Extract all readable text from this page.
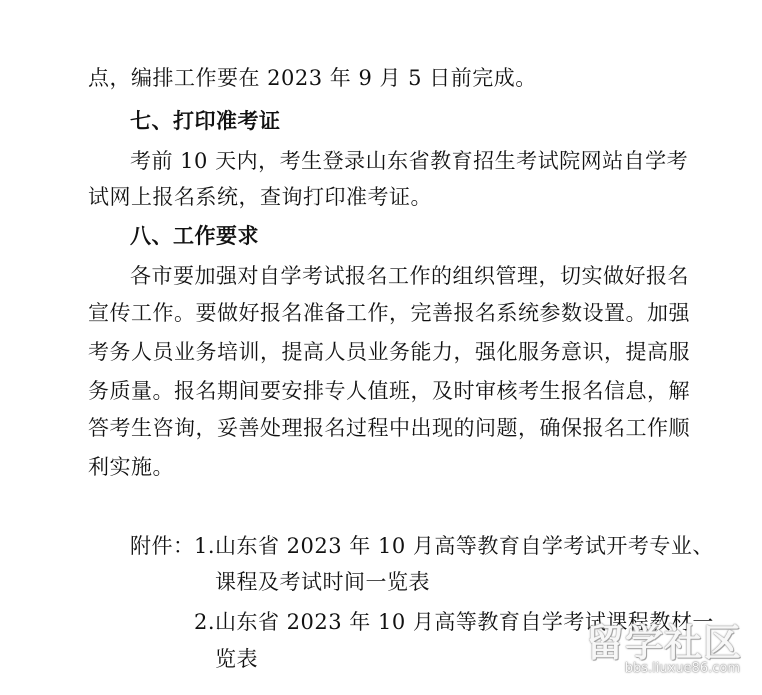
点，编排工作要在 2023 年 9 月 5 日前完成。
七、打印准考证
考前 10 天内，考生登录山东省教育招生考试院网站自学考
试网上报名系统，查询打印准考证。
八、工作要求
各市要加强对自学考试报名工作的组织管理，切实做好报名
宣传工作。要做好报名准备工作，完善报名系统参数设置。加强
考务人员业务培训，提高人员业务能力，强化服务意识，提高服
务质量。报名期间要安排专人值班，及时审核考生报名信息，解
答考生咨询，妥善处理报名过程中出现的问题，确保报名工作顺
利实施。
附件： 1. 山东省 2023 年 10 月高等教育自学考试开考专业、
课程及考试时间一览表
2. 山东省 2023 年 10 月高等教育自学考试课程教材一
览表	留学社区
bbs.liuxue86.com
